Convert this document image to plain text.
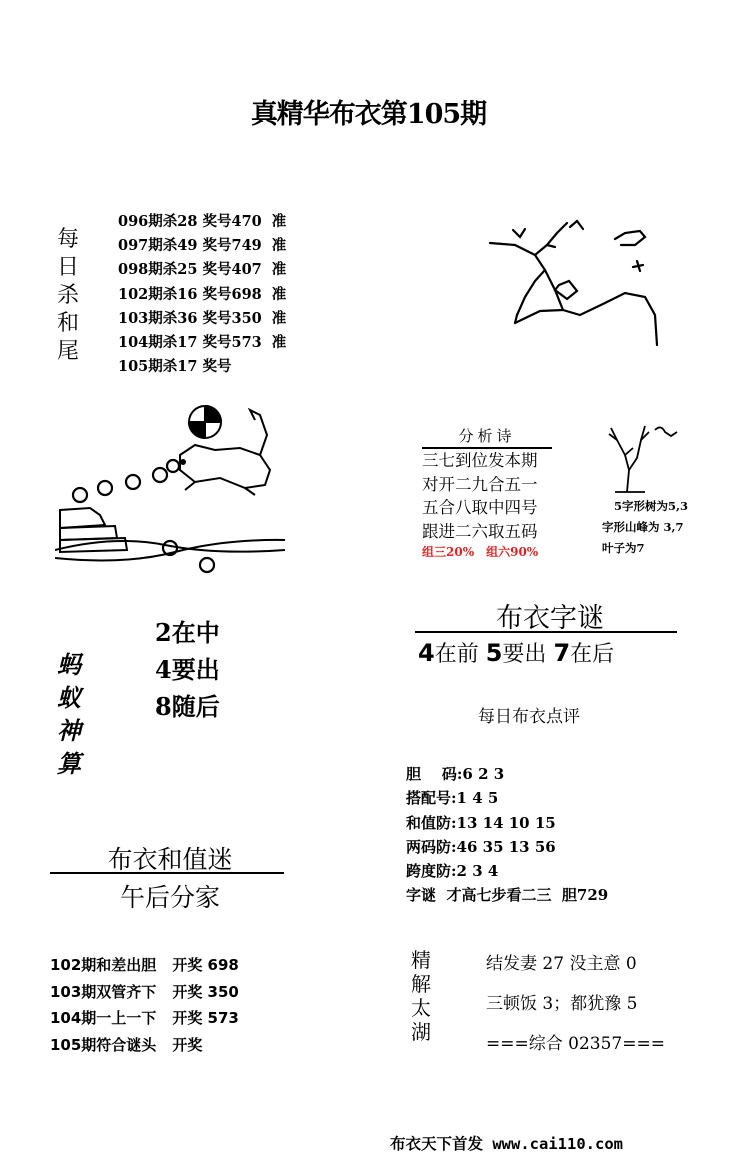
真精华布衣第105期
每
日
杀
和
尾
096期杀28 奖号470 准
097期杀49 奖号749 准
098期杀25 奖号407 准
102期杀16 奖号698 准
103期杀36 奖号350 准
104期杀17 奖号573 准
105期杀17 奖号
分析诗
三七到位发本期
对开二九合五一
五合八取中四号
跟进二六取五码
组三20% 组六90%
5字形树为5,3
字形山峰为 3,7
叶子为7
蚂
蚁
神
算
2在中
4要出
8随后
布衣字谜
4在前 5要出 7在后
每日布衣点评
胆    码:6 2 3
搭配号:1 4 5
和值防:13 14 10 15
两码防:46 35 13 56
跨度防:2 3 4
字谜  才高七步看二三  胆729
布衣和值迷
午后分家
102期和差出胆 开奖 698
103期双管齐下 开奖 350
104期一上一下 开奖 573
105期符合谜头 开奖
精
解
太
湖
结发妻 27 没主意 0
三顿饭 3；都犹豫 5
===综合 02357===
布衣天下首发 www.cai110.com
